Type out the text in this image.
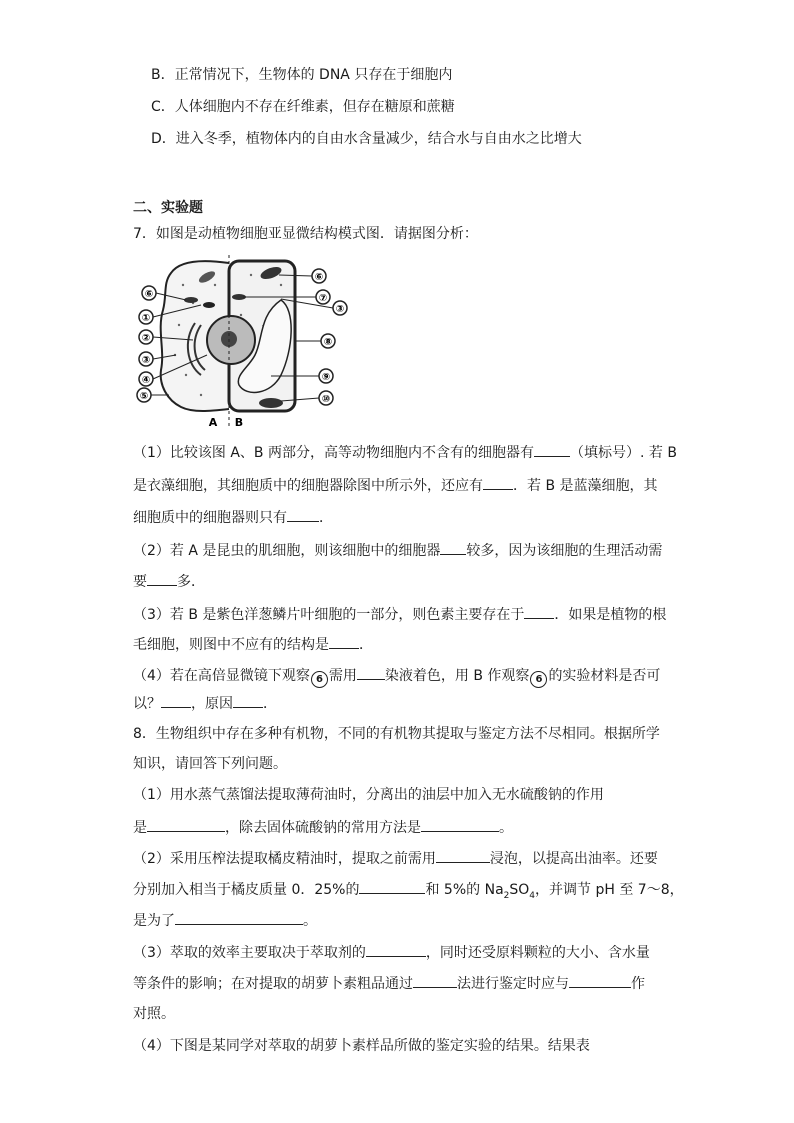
B．正常情况下，生物体的 DNA 只存在于细胞内
C．人体细胞内不存在纤维素，但存在糖原和蔗糖
D．进入冬季，植物体内的自由水含量减少，结合水与自由水之比增大
二、实验题
7．如图是动植物细胞亚显微结构模式图．请据图分析：
⑥
①
②
③
④
⑤
⑥
⑦
③
⑧
⑨
⑩
A B
（1）比较该图 A、B 两部分，高等动物细胞内不含有的细胞器有	（填标号）. 若 B
是衣藻细胞，其细胞质中的细胞器除图中所示外，还应有 ．若 B 是蓝藻细胞，其
细胞质中的细胞器则只有 ．
（2）若 A 是昆虫的肌细胞，则该细胞中的细胞器 较多，因为该细胞的生理活动需
要 多．
（3）若 B 是紫色洋葱鳞片叶细胞的一部分，则色素主要存在于 ．如果是植物的根
毛细胞，则图中不应有的结构是 ．
（4）若在高倍显微镜下观察 6 需用 染液着色，用 B 作观察 6 的实验材料是否可
以？ ，原因 ．
8．生物组织中存在多种有机物，不同的有机物其提取与鉴定方法不尽相同。根据所学
知识，请回答下列问题。
（1）用水蒸气蒸馏法提取薄荷油时，分离出的油层中加入无水硫酸钠的作用
是	，除去固体硫酸钠的常用方法是	。
（2）采用压榨法提取橘皮精油时，提取之前需用	浸泡，以提高出油率。还要
分别加入相当于橘皮质量 0．25%的	和 5%的 $Na_2SO_4$，并调节 pH 至 7～8，
是为了	。
（3）萃取的效率主要取决于萃取剂的	，同时还受原料颗粒的大小、含水量
等条件的影响；在对提取的胡萝卜素粗品通过	法进行鉴定时应与	作
对照。
（4）下图是某同学对萃取的胡萝卜素样品所做的鉴定实验的结果。结果表
